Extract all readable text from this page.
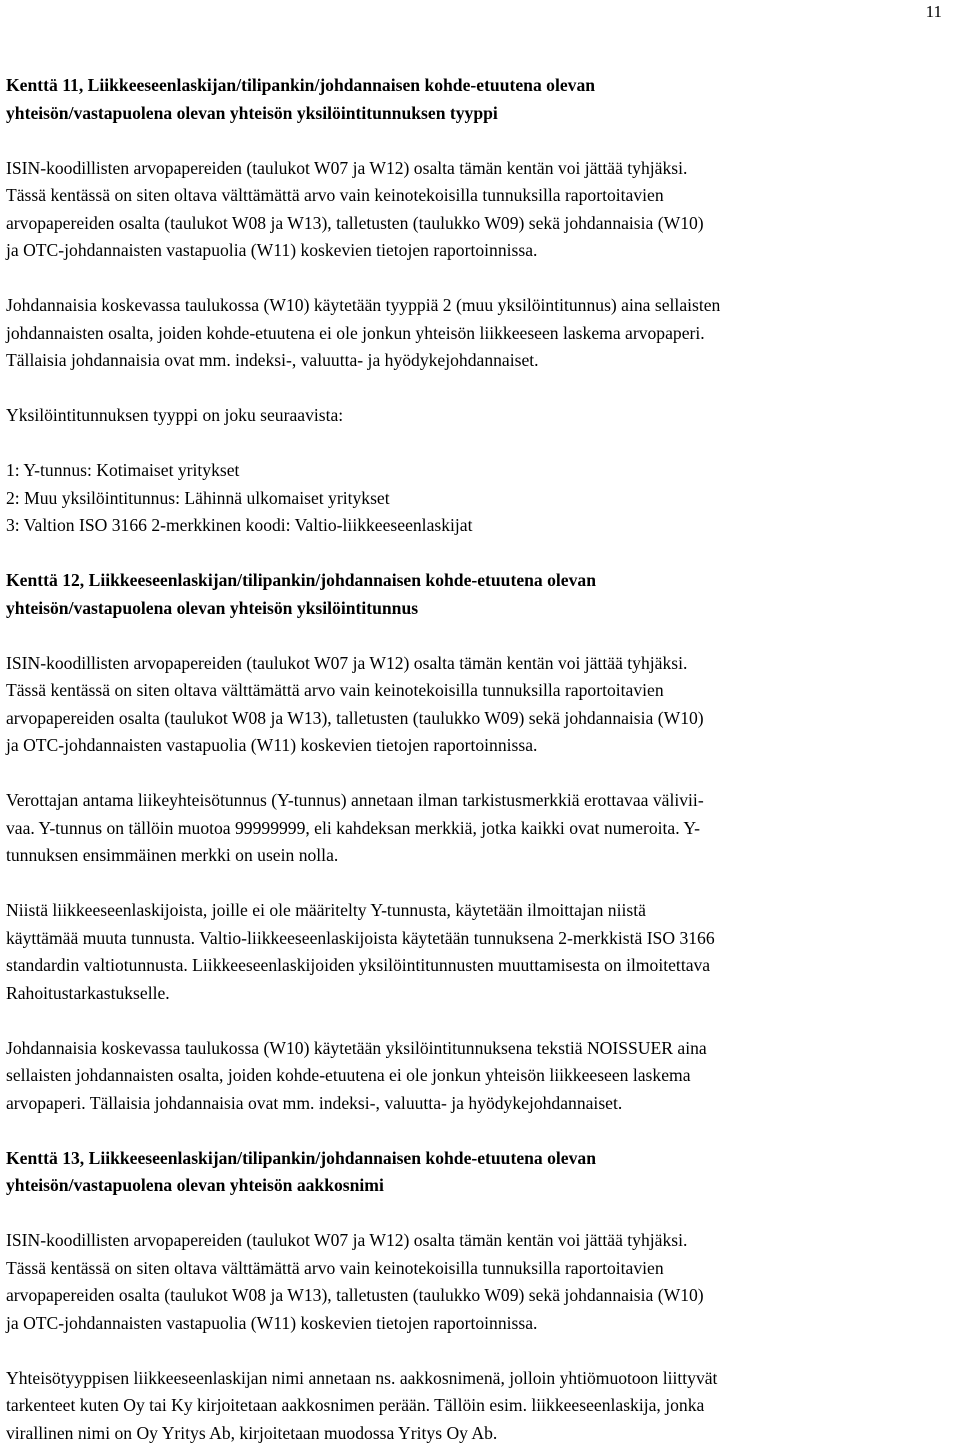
11
Kenttä 11, Liikkeeseenlaskijan/tilipankin/johdannaisen kohde-etuutena olevan
yhteisön/vastapuolena olevan yhteisön yksilöintitunnuksen tyyppi

ISIN-koodillisten arvopapereiden (taulukot W07 ja W12) osalta tämän kentän voi jättää tyhjäksi.
Tässä kentässä on siten oltava välttämättä arvo vain keinotekoisilla tunnuksilla raportoitavien
arvopapereiden osalta (taulukot W08 ja W13), talletusten (taulukko W09) sekä johdannaisia (W10)
ja OTC-johdannaisten vastapuolia (W11) koskevien tietojen raportoinnissa.

Johdannaisia koskevassa taulukossa (W10) käytetään tyyppiä 2 (muu yksilöintitunnus) aina sellaisten
johdannaisten osalta, joiden kohde-etuutena ei ole jonkun yhteisön liikkeeseen laskema arvopaperi.
Tällaisia johdannaisia ovat mm. indeksi-, valuutta- ja hyödykejohdannaiset.

Yksilöintitunnuksen tyyppi on joku seuraavista:

1: Y-tunnus: Kotimaiset yritykset
2: Muu yksilöintitunnus: Lähinnä ulkomaiset yritykset
3: Valtion ISO 3166 2-merkkinen koodi: Valtio-liikkeeseenlaskijat

Kenttä 12, Liikkeeseenlaskijan/tilipankin/johdannaisen kohde-etuutena olevan
yhteisön/vastapuolena olevan yhteisön yksilöintitunnus

ISIN-koodillisten arvopapereiden (taulukot W07 ja W12) osalta tämän kentän voi jättää tyhjäksi.
Tässä kentässä on siten oltava välttämättä arvo vain keinotekoisilla tunnuksilla raportoitavien
arvopapereiden osalta (taulukot W08 ja W13), talletusten (taulukko W09) sekä johdannaisia (W10)
ja OTC-johdannaisten vastapuolia (W11) koskevien tietojen raportoinnissa.

Verottajan antama liikeyhteisötunnus (Y-tunnus) annetaan ilman tarkistusmerkkiä erottavaa välivii-
vaa. Y-tunnus on tällöin muotoa 99999999, eli kahdeksan merkkiä, jotka kaikki ovat numeroita. Y-
tunnuksen ensimmäinen merkki on usein nolla.

Niistä liikkeeseenlaskijoista, joille ei ole määritelty Y-tunnusta, käytetään ilmoittajan niistä
käyttämää muuta tunnusta. Valtio-liikkeeseenlaskijoista käytetään tunnuksena 2-merkkistä ISO 3166
standardin valtiotunnusta. Liikkeeseenlaskijoiden yksilöintitunnusten muuttamisesta on ilmoitettava
Rahoitustarkastukselle.

Johdannaisia koskevassa taulukossa (W10) käytetään yksilöintitunnuksena tekstiä NOISSUER aina
sellaisten johdannaisten osalta, joiden kohde-etuutena ei ole jonkun yhteisön liikkeeseen laskema
arvopaperi. Tällaisia johdannaisia ovat mm. indeksi-, valuutta- ja hyödykejohdannaiset.

Kenttä 13, Liikkeeseenlaskijan/tilipankin/johdannaisen kohde-etuutena olevan
yhteisön/vastapuolena olevan yhteisön aakkosnimi

ISIN-koodillisten arvopapereiden (taulukot W07 ja W12) osalta tämän kentän voi jättää tyhjäksi.
Tässä kentässä on siten oltava välttämättä arvo vain keinotekoisilla tunnuksilla raportoitavien
arvopapereiden osalta (taulukot W08 ja W13), talletusten (taulukko W09) sekä johdannaisia (W10)
ja OTC-johdannaisten vastapuolia (W11) koskevien tietojen raportoinnissa.

Yhteisötyyppisen liikkeeseenlaskijan nimi annetaan ns. aakkosnimenä, jolloin yhtiömuotoon liittyvät
tarkenteet kuten Oy tai Ky kirjoitetaan aakkosnimen perään. Tällöin esim. liikkeeseenlaskija, jonka
virallinen nimi on Oy Yritys Ab, kirjoitetaan muodossa Yritys Oy Ab.
